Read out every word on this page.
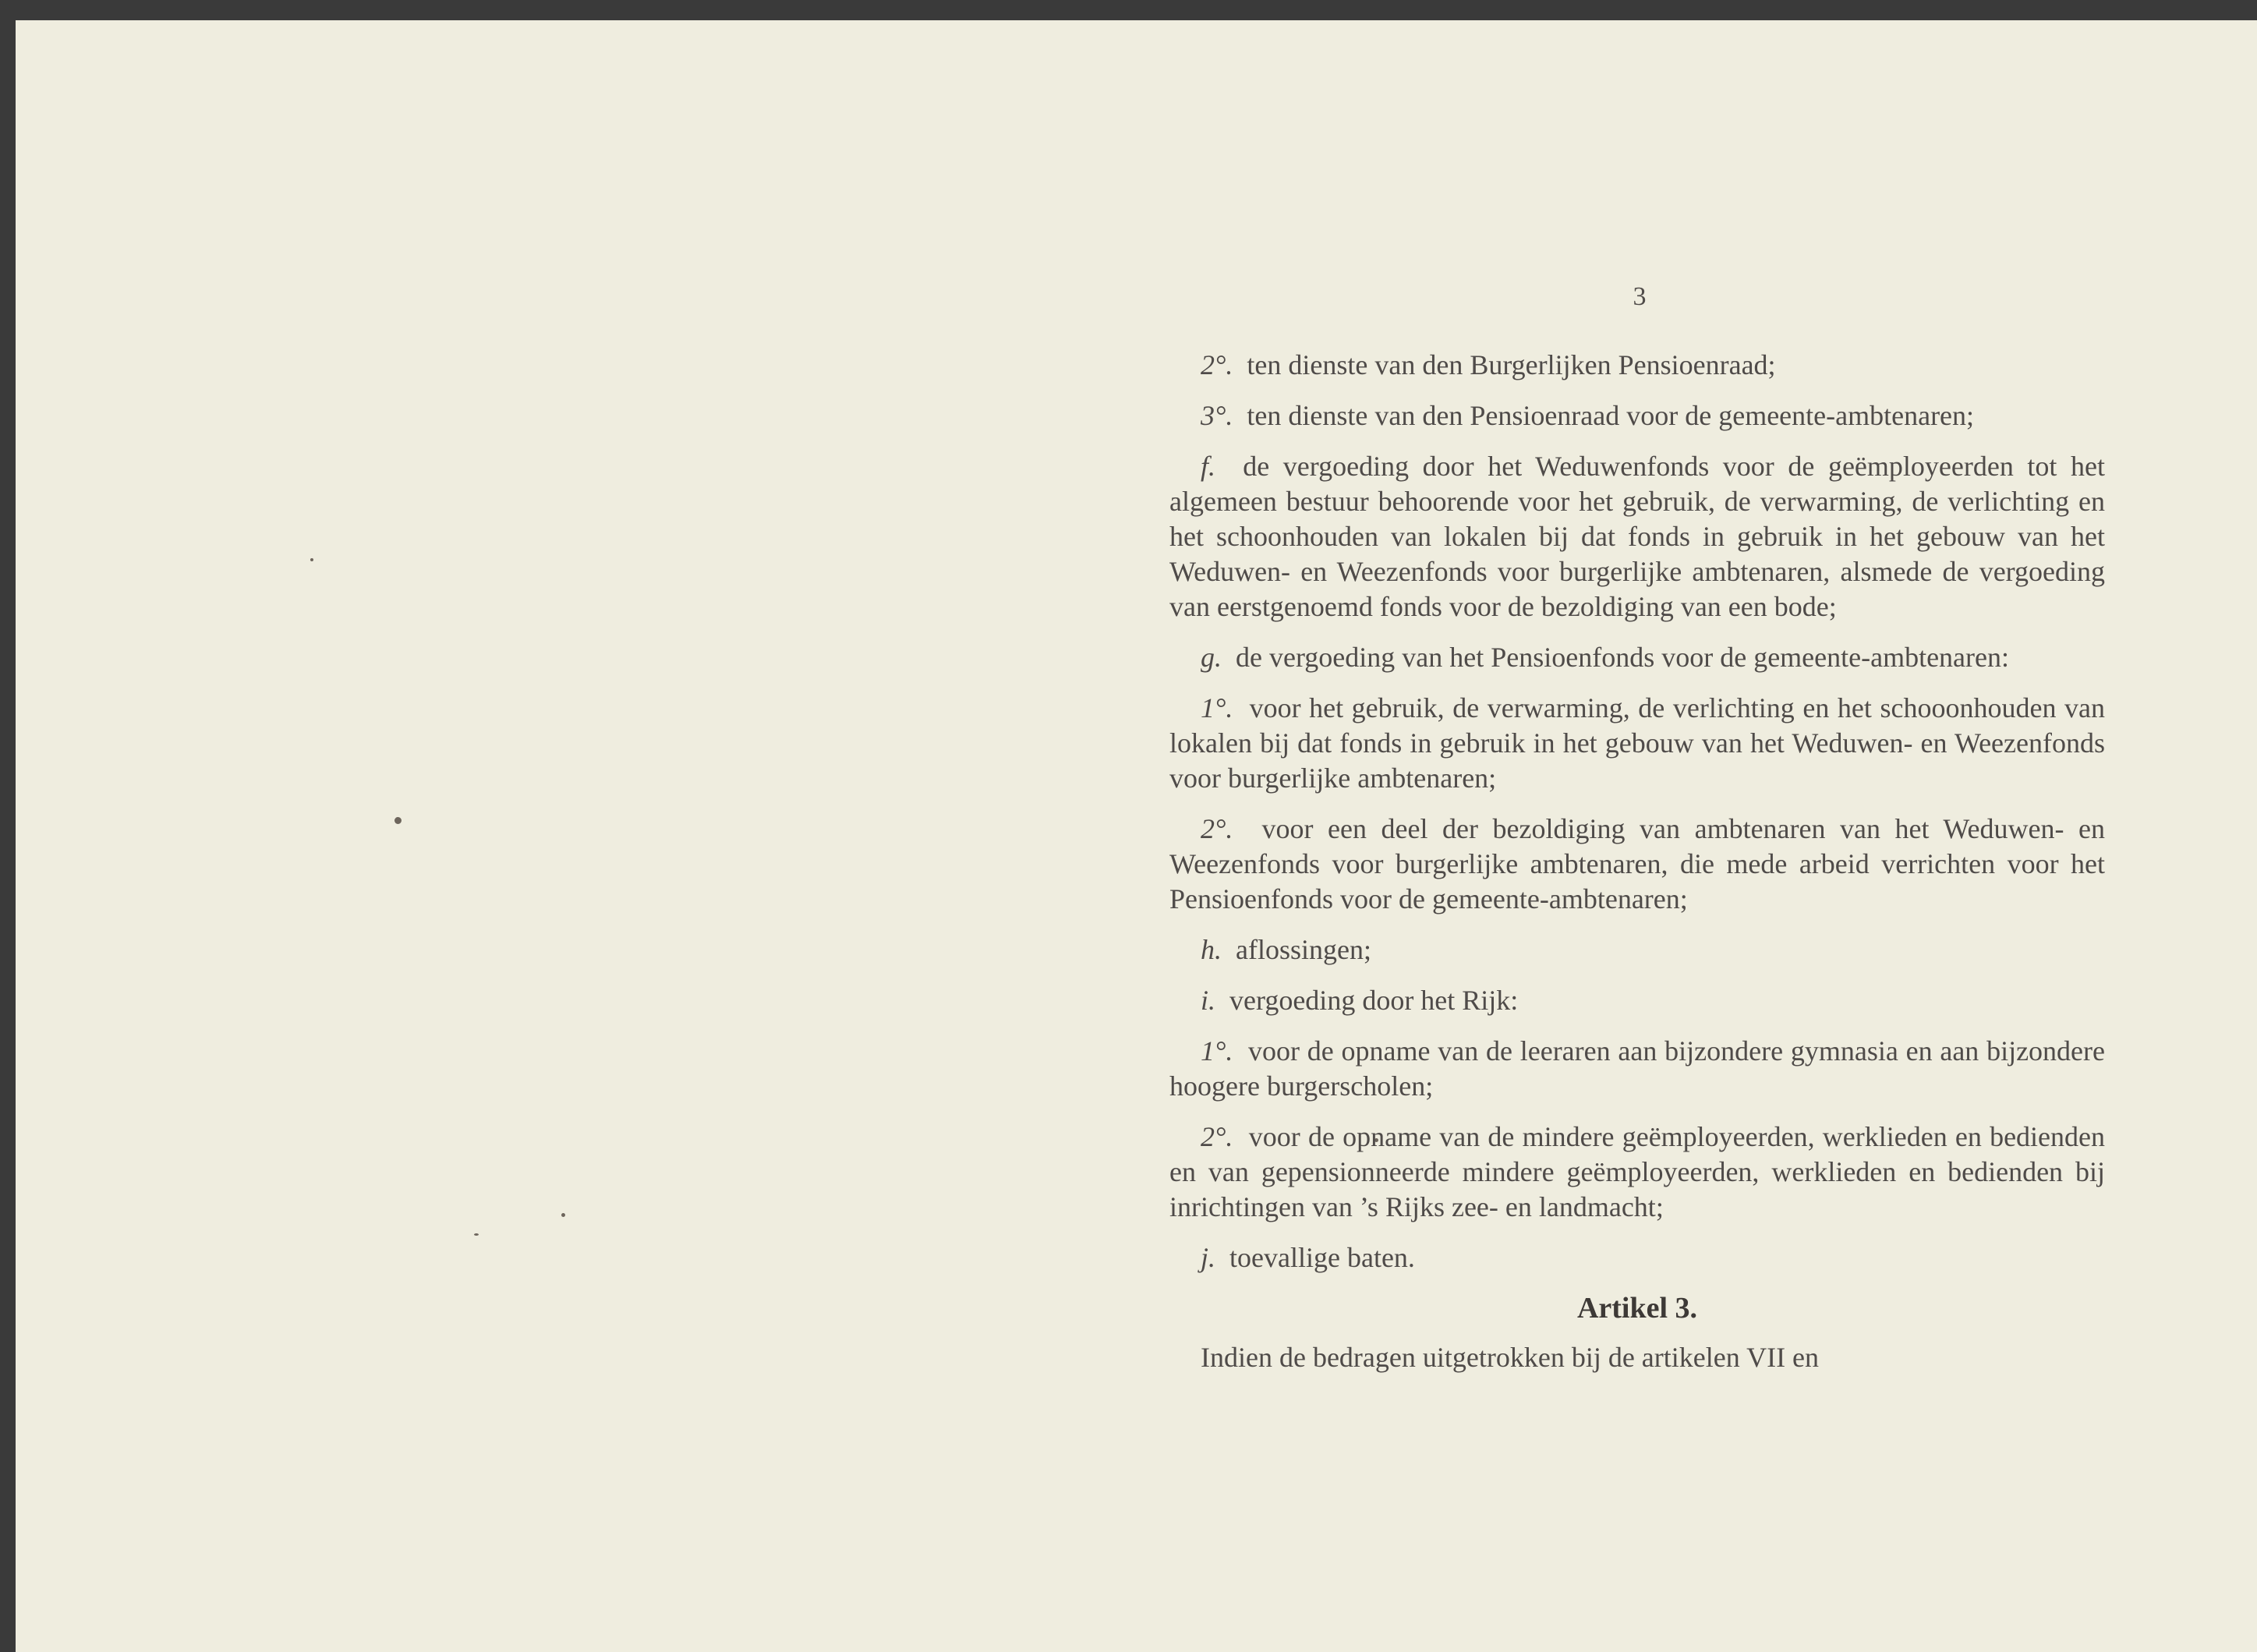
3

2°. ten dienste van den Burgerlijken Pensioenraad;

3°. ten dienste van den Pensioenraad voor de gemeente-ambtenaren;

f. de vergoeding door het Weduwenfonds voor de geëmployeerden tot het algemeen bestuur behoorende voor het gebruik, de verwarming, de verlichting en het schoonhouden van lokalen bij dat fonds in gebruik in het gebouw van het Weduwen- en Weezenfonds voor burgerlijke ambtenaren, alsmede de vergoeding van eerstgenoemd fonds voor de bezoldiging van een bode;

g. de vergoeding van het Pensioenfonds voor de gemeente-ambtenaren:

1°. voor het gebruik, de verwarming, de verlichting en het schooonhouden van lokalen bij dat fonds in gebruik in het gebouw van het Weduwen- en Weezenfonds voor burgerlijke ambtenaren;

2°. voor een deel der bezoldiging van ambtenaren van het Weduwen- en Weezenfonds voor burgerlijke ambtenaren, die mede arbeid verrichten voor het Pensioenfonds voor de gemeente-ambtenaren;

h. aflossingen;

i. vergoeding door het Rijk:

1°. voor de opname van de leeraren aan bijzondere gymnasia en aan bijzondere hoogere burgerscholen;

2°. voor de opname van de mindere geëmployeerden, werklieden en bedienden en van gepensionneerde mindere geëmployeerden, werklieden en bedienden bij inrichtingen van ’s Rijks zee- en landmacht;

j. toevallige baten.

Artikel 3.

Indien de bedragen uitgetrokken bij de artikelen VII en
